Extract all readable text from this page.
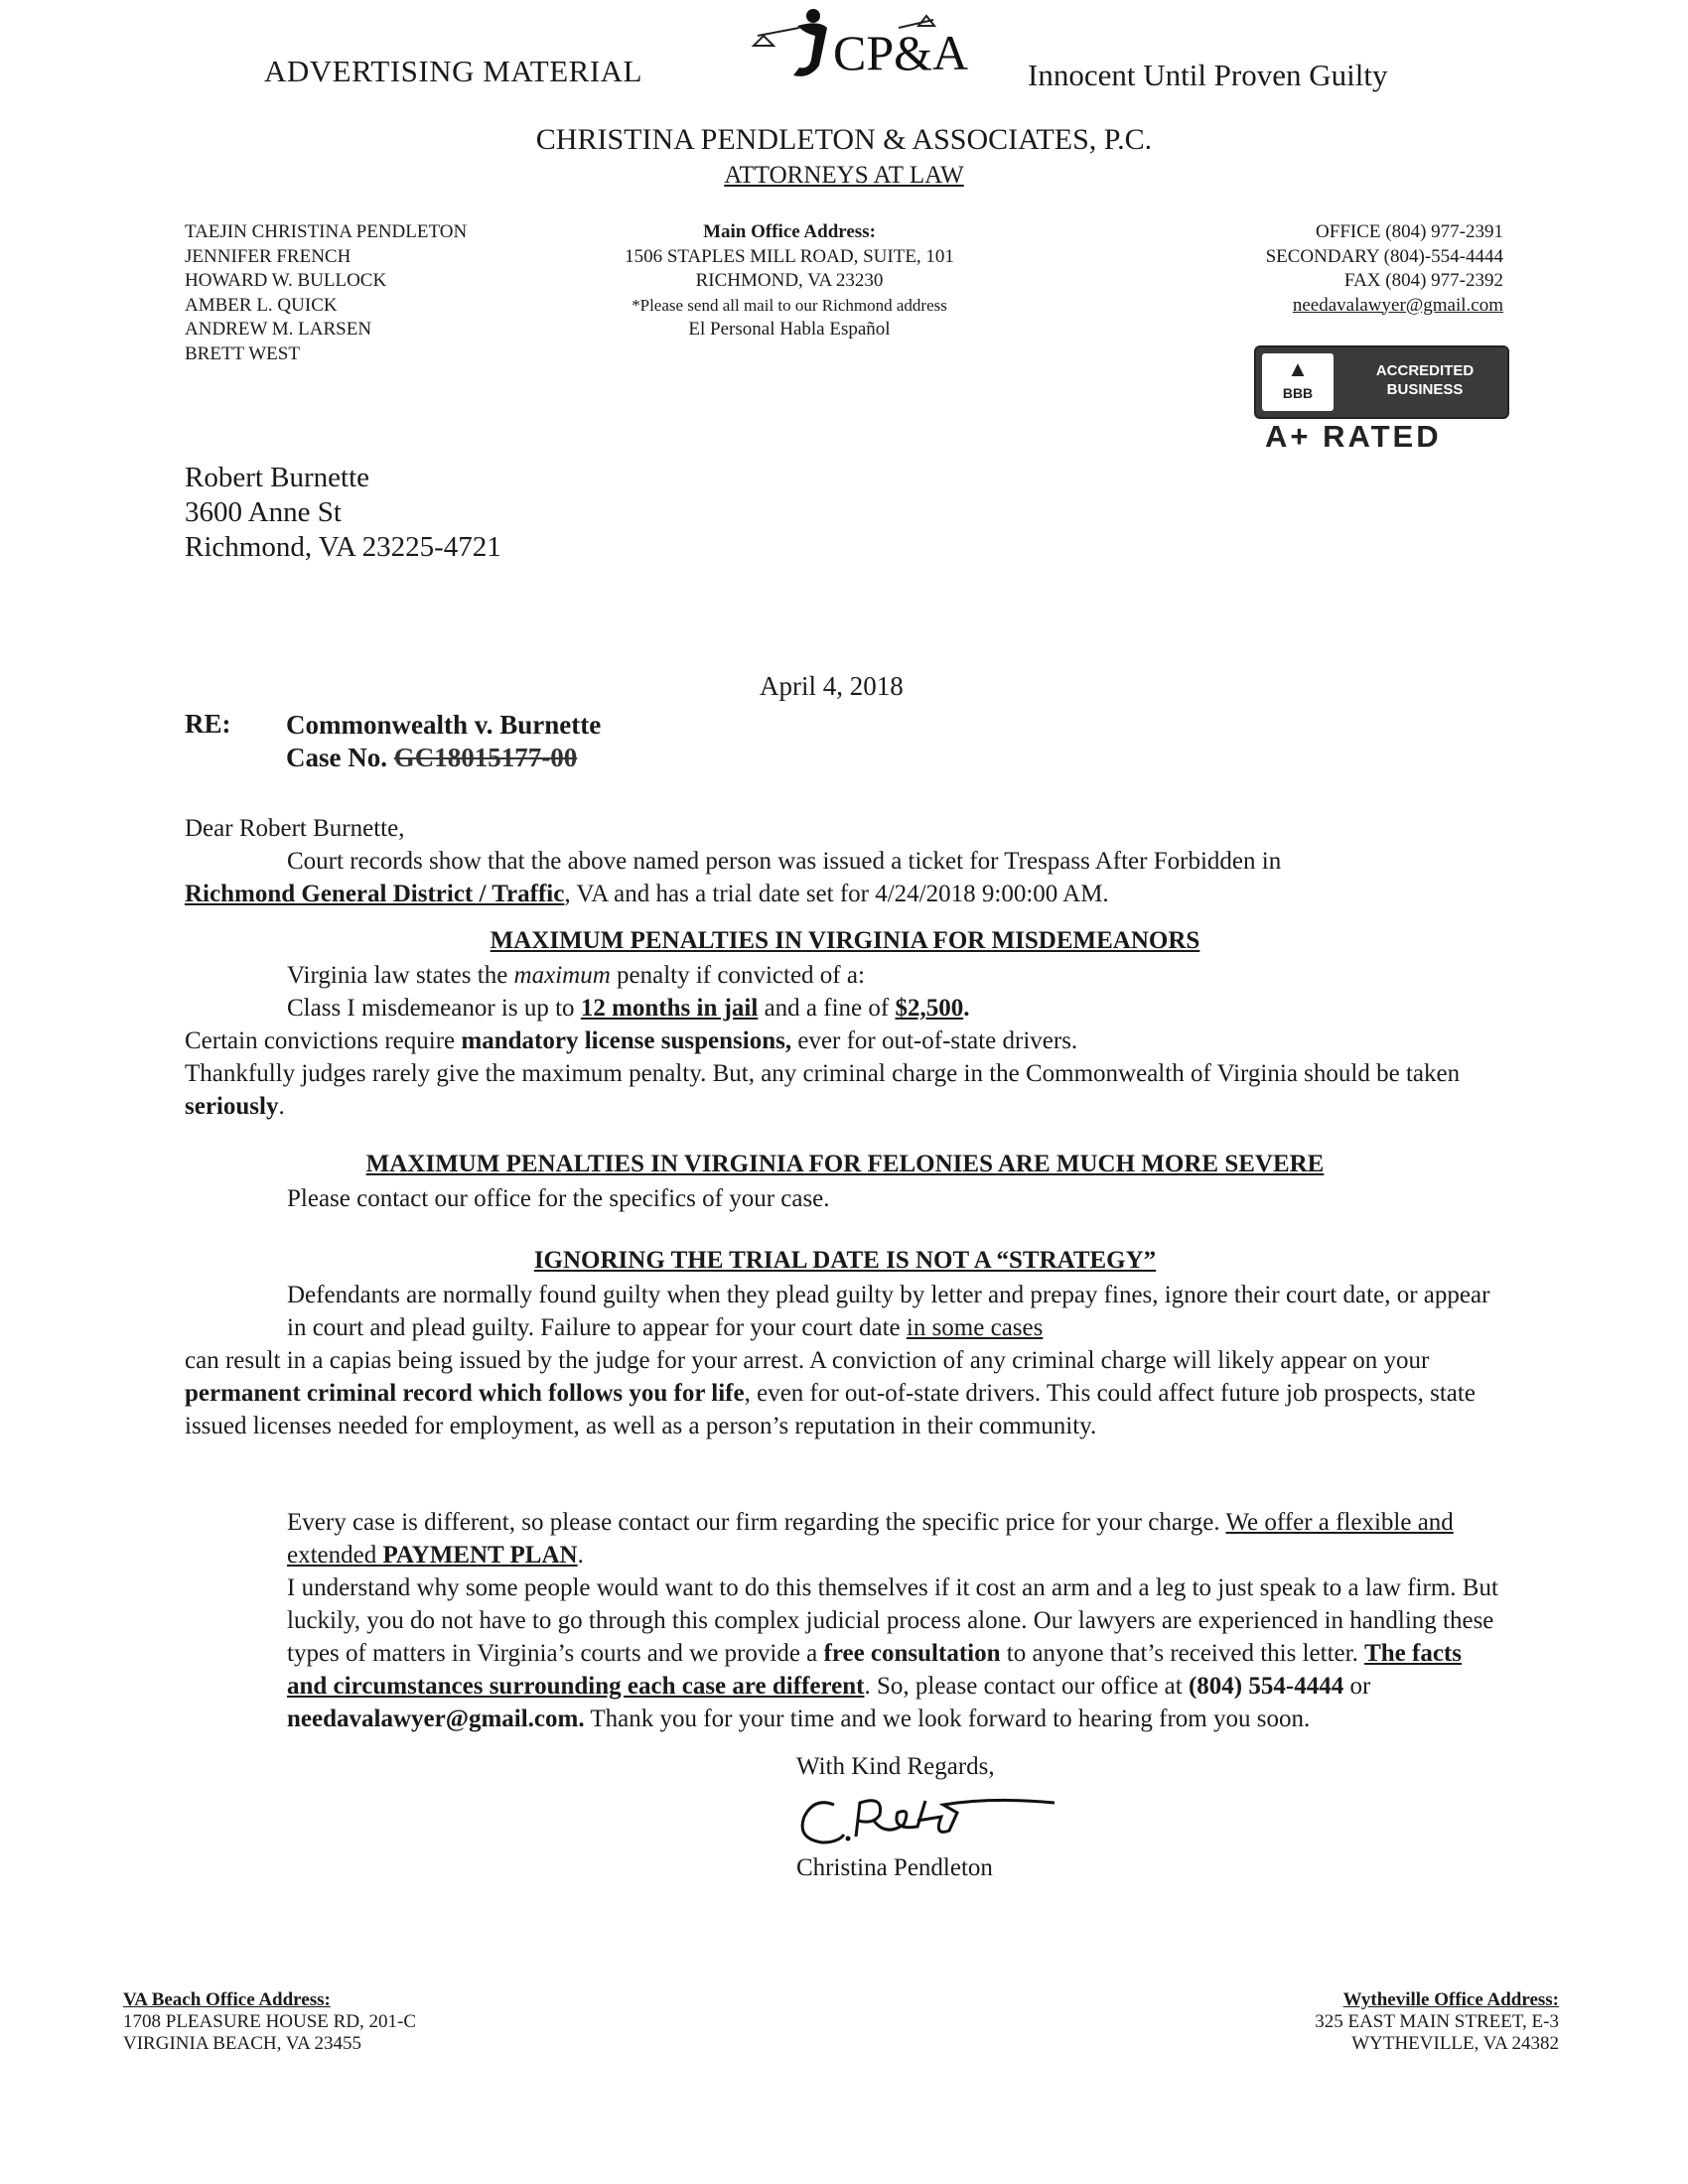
ADVERTISING MATERIAL	CP&A Innocent Until Proven Guilty
CHRISTINA PENDLETON & ASSOCIATES, P.C.
ATTORNEYS AT LAW
TAEJIN CHRISTINA PENDLETON
JENNIFER FRENCH
HOWARD W. BULLOCK
AMBER L. QUICK
ANDREW M. LARSEN
BRETT WEST
Main Office Address:
1506 STAPLES MILL ROAD, SUITE, 101
RICHMOND, VA 23230
*Please send all mail to our Richmond address
El Personal Habla Español
OFFICE (804) 977-2391
SECONDARY (804)-554-4444
FAX (804) 977-2392
needavalawyer@gmail.com
▲
BBB
ACCREDITED
BUSINESS
A+ RATED
Robert Burnette
3600 Anne St
Richmond, VA 23225-4721
April 4, 2018
RE: Commonwealth v. Burnette
Case No. GC18015177-00
Dear Robert Burnette,
Court records show that the above named person was issued a ticket for Trespass After Forbidden in
Richmond General District / Traffic, VA and has a trial date set for 4/24/2018 9:00:00 AM.
MAXIMUM PENALTIES IN VIRGINIA FOR MISDEMEANORS
Virginia law states the maximum penalty if convicted of a:
Class I misdemeanor is up to 12 months in jail and a fine of $2,500.
Certain convictions require mandatory license suspensions, ever for out-of-state drivers.
Thankfully judges rarely give the maximum penalty. But, any criminal charge in the Commonwealth of Virginia should be taken seriously.
MAXIMUM PENALTIES IN VIRGINIA FOR FELONIES ARE MUCH MORE SEVERE
Please contact our office for the specifics of your case.
IGNORING THE TRIAL DATE IS NOT A “STRATEGY”
Defendants are normally found guilty when they plead guilty by letter and prepay fines, ignore their court date, or appear in court and plead guilty. Failure to appear for your court date in some cases
can result in a capias being issued by the judge for your arrest. A conviction of any criminal charge will likely appear on your permanent criminal record which follows you for life, even for out-of-state drivers. This could affect future job prospects, state issued licenses needed for employment, as well as a person’s reputation in their community.
Every case is different, so please contact our firm regarding the specific price for your charge. We offer a flexible and extended PAYMENT PLAN.
I understand why some people would want to do this themselves if it cost an arm and a leg to just speak to a law firm. But luckily, you do not have to go through this complex judicial process alone. Our lawyers are experienced in handling these types of matters in Virginia’s courts and we provide a free consultation to anyone that’s received this letter. The facts and circumstances surrounding each case are different. So, please contact our office at (804) 554-4444 or needavalawyer@gmail.com. Thank you for your time and we look forward to hearing from you soon.
With Kind Regards,
Christina Pendleton
VA Beach Office Address:
1708 PLEASURE HOUSE RD, 201-C
VIRGINIA BEACH, VA 23455
Wytheville Office Address:
325 EAST MAIN STREET, E-3
WYTHEVILLE, VA 24382
